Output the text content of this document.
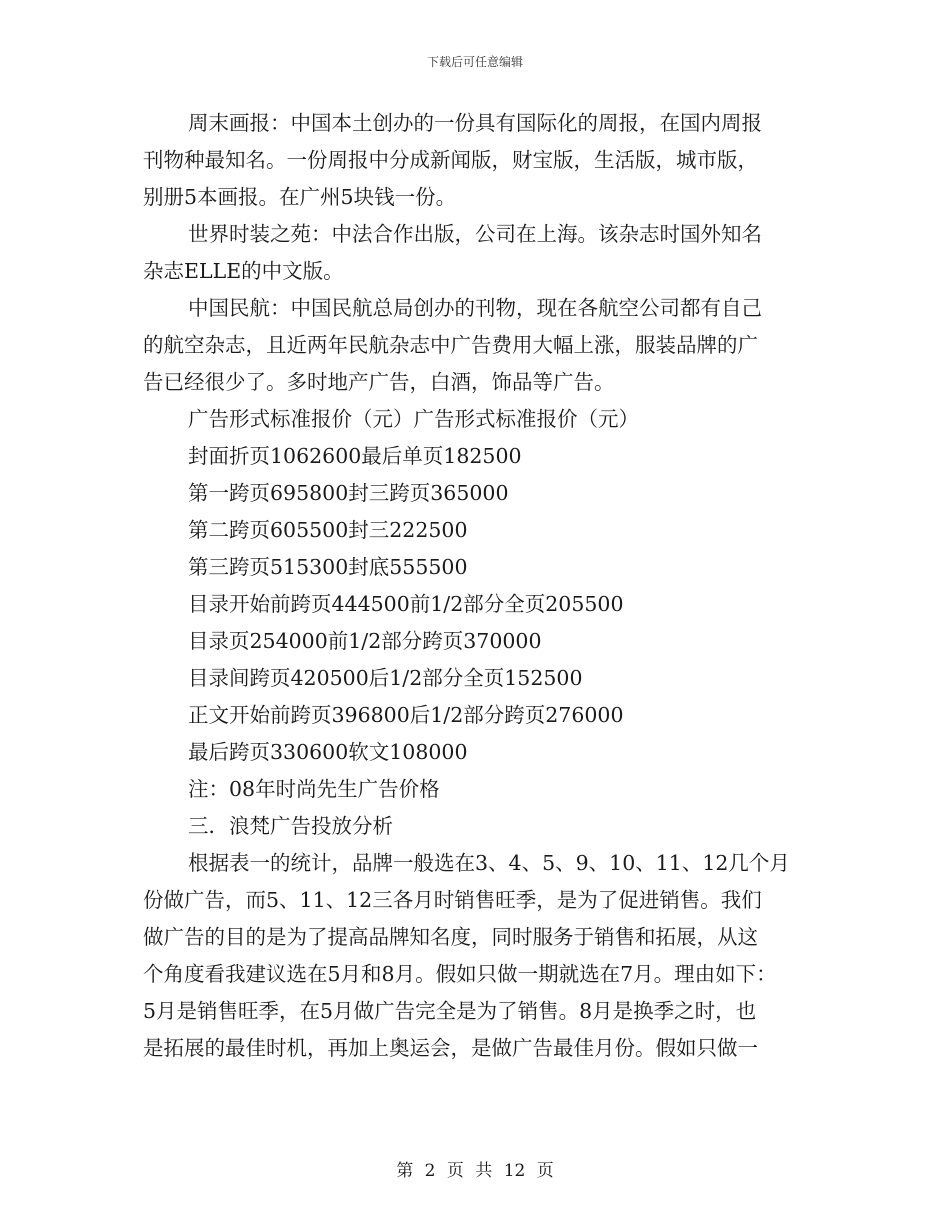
下载后可任意编辑
周末画报：中国本土创办的一份具有国际化的周报，在国内周报
刊物种最知名。一份周报中分成新闻版，财宝版，生活版，城市版，
别册5本画报。在广州5块钱一份。
世界时装之苑：中法合作出版，公司在上海。该杂志时国外知名
杂志ELLE的中文版。
中国民航：中国民航总局创办的刊物，现在各航空公司都有自己
的航空杂志，且近两年民航杂志中广告费用大幅上涨，服装品牌的广
告已经很少了。多时地产广告，白酒，饰品等广告。
广告形式标准报价（元）广告形式标准报价（元）
封面折页1062600最后单页182500
第一跨页695800封三跨页365000
第二跨页605500封三222500
第三跨页515300封底555500
目录开始前跨页444500前1/2部分全页205500
目录页254000前1/2部分跨页370000
目录间跨页420500后1/2部分全页152500
正文开始前跨页396800后1/2部分跨页276000
最后跨页330600软文108000
注：08年时尚先生广告价格
三．浪梵广告投放分析
根据表一的统计，品牌一般选在3、4、5、9、10、11、12几个月
份做广告，而5、11、12三各月时销售旺季，是为了促进销售。我们
做广告的目的是为了提高品牌知名度，同时服务于销售和拓展，从这
个角度看我建议选在5月和8月。假如只做一期就选在7月。理由如下：
5月是销售旺季，在5月做广告完全是为了销售。8月是换季之时，也
是拓展的最佳时机，再加上奥运会，是做广告最佳月份。假如只做一
第 2 页 共 12 页
